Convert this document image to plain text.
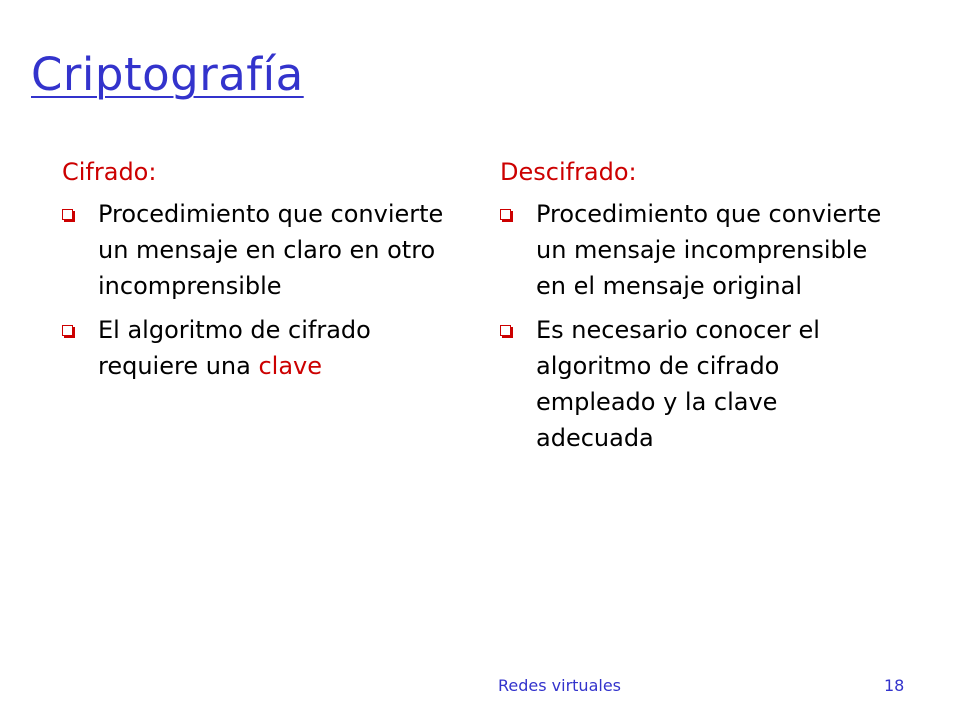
Criptografía
Cifrado:
Procedimiento que convierte un mensaje en claro en otro incomprensible
El algoritmo de cifrado requiere una clave
Descifrado:
Procedimiento que convierte un mensaje incomprensible en el mensaje original
Es necesario conocer el algoritmo de cifrado empleado y la clave adecuada
Redes virtuales	18
